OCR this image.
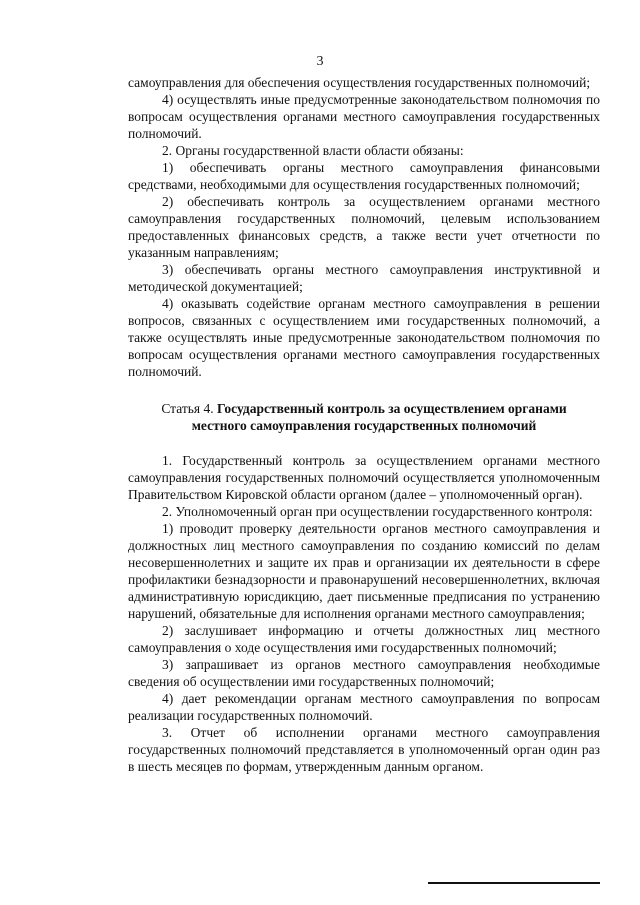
3

самоуправления для обеспечения осуществления государственных полномочий;

4) осуществлять иные предусмотренные законодательством полномочия по вопросам осуществления органами местного самоуправления государственных полномочий.

2. Органы государственной власти области обязаны:

1) обеспечивать органы местного самоуправления финансовыми средствами, необходимыми для осуществления государственных полномочий;

2) обеспечивать контроль за осуществлением органами местного самоуправления государственных полномочий, целевым использованием предоставленных финансовых средств, а также вести учет отчетности по указанным направлениям;

3) обеспечивать органы местного самоуправления инструктивной и методической документацией;

4) оказывать содействие органам местного самоуправления в решении вопросов, связанных с осуществлением ими государственных полномочий, а также осуществлять иные предусмотренные законодательством полномочия по вопросам осуществления органами местного самоуправления государственных полномочий.

Статья 4. Государственный контроль за осуществлением органами местного самоуправления государственных полномочий

1. Государственный контроль за осуществлением органами местного самоуправления государственных полномочий осуществляется уполномоченным Правительством Кировской области органом (далее – уполномоченный орган).

2. Уполномоченный орган при осуществлении государственного контроля:

1) проводит проверку деятельности органов местного самоуправления и должностных лиц местного самоуправления по созданию комиссий по делам несовершеннолетних и защите их прав и организации их деятельности в сфере профилактики безнадзорности и правонарушений несовершеннолетних, включая административную юрисдикцию, дает письменные предписания по устранению нарушений, обязательные для исполнения органами местного самоуправления;

2) заслушивает информацию и отчеты должностных лиц местного самоуправления о ходе осуществления ими государственных полномочий;

3) запрашивает из органов местного самоуправления необходимые сведения об осуществлении ими государственных полномочий;

4) дает рекомендации органам местного самоуправления по вопросам реализации государственных полномочий.

3. Отчет об исполнении органами местного самоуправления государственных полномочий представляется в уполномоченный орган один раз в шесть месяцев по формам, утвержденным данным органом.
